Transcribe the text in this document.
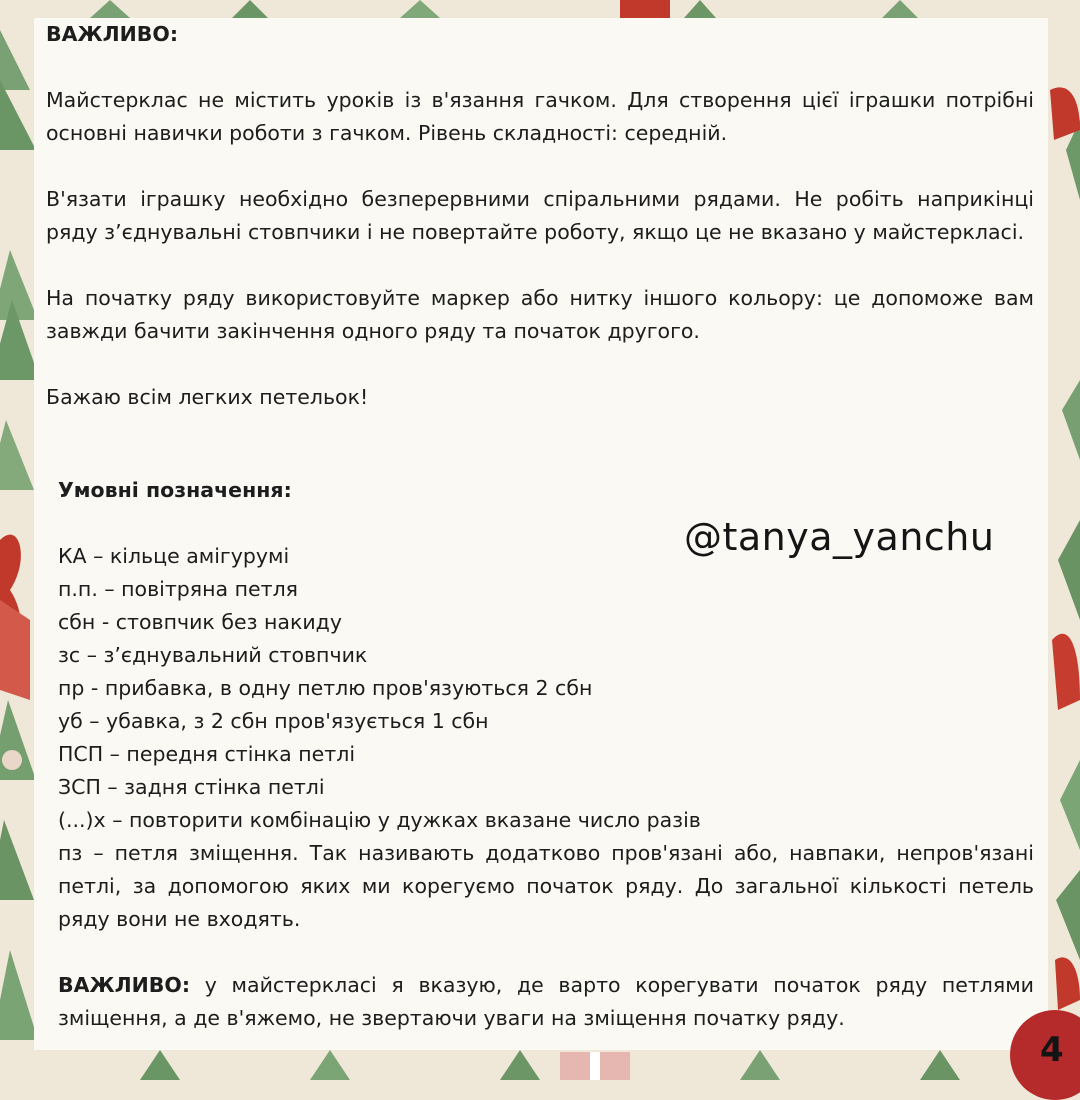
ВАЖЛИВО:

Майстерклас не містить уроків із в'язання гачком. Для створення цієї іграшки потрібні основні навички роботи з гачком. Рівень складності: середній.

В'язати іграшку необхідно безперервними спіральними рядами. Не робіть наприкінці ряду з’єднувальні стовпчики і не повертайте роботу, якщо це не вказано у майстеркласі.

На початку ряду використовуйте маркер або нитку іншого кольору: це допоможе вам завжди бачити закінчення одного ряду та початок другого.

Бажаю всім легких петельок!

Умовні позначення:
КА – кільце амігурумі
п.п. – повітряна петля
сбн - стовпчик без накиду
зс – з’єднувальний стовпчик
пр - прибавка, в одну петлю пров'язуються 2 сбн
уб – убавка, з 2 сбн пров'язується 1 сбн
ПСП – передня стінка петлі
ЗСП – задня стінка петлі
(...)х – повторити комбінацію у дужках вказане число разів
пз – петля зміщення. Так називають додатково пров'язані або, навпаки, непров'язані петлі, за допомогою яких ми корегуємо початок ряду. До загальної кількості петель ряду вони не входять.

ВАЖЛИВО: у майстеркласі я вказую, де варто корегувати початок ряду петлями зміщення, а де в'яжемо, не звертаючи уваги на зміщення початку ряду.

@tanya_yanchu
4
